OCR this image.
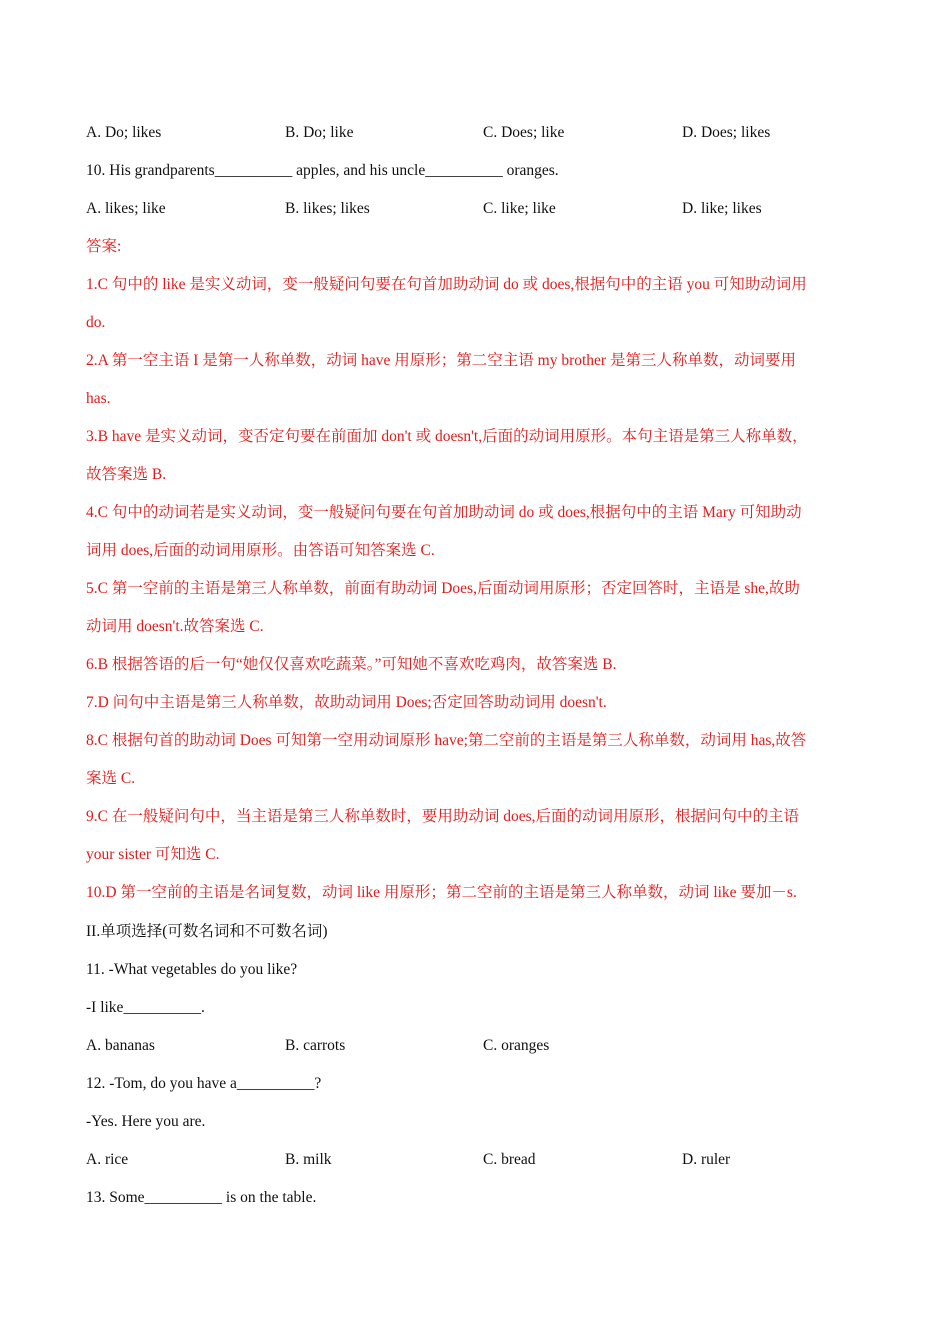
A. Do; likes	B. Do; like	C. Does; like	D. Does; likes
10. His grandparents__________ apples, and his uncle__________ oranges.
A. likes; like	B. likes; likes	C. like; like	D. like; likes
答案:
1.C 句中的 like 是实义动词，变一般疑问句要在句首加助动词 do 或 does,根据句中的主语 you 可知助动词用
do.
2.A 第一空主语 I 是第一人称单数，动词 have 用原形；第二空主语 my brother 是第三人称单数，动词要用
has.
3.B have 是实义动词，变否定句要在前面加 don't 或 doesn't,后面的动词用原形。本句主语是第三人称单数，
故答案选 B.
4.C 句中的动词若是实义动词，变一般疑问句要在句首加助动词 do 或 does,根据句中的主语 Mary 可知助动
词用 does,后面的动词用原形。由答语可知答案选 C.
5.C 第一空前的主语是第三人称单数，前面有助动词 Does,后面动词用原形；否定回答时，主语是 she,故助
动词用 doesn't.故答案选 C.
6.B 根据答语的后一句“她仅仅喜欢吃蔬菜。”可知她不喜欢吃鸡肉，故答案选 B.
7.D 问句中主语是第三人称单数，故助动词用 Does;否定回答助动词用 doesn't.
8.C 根据句首的助动词 Does 可知第一空用动词原形 have;第二空前的主语是第三人称单数，动词用 has,故答
案选 C.
9.C 在一般疑问句中，当主语是第三人称单数时，要用助动词 does,后面的动词用原形，根据问句中的主语
your sister 可知选 C.
10.D 第一空前的主语是名词复数，动词 like 用原形；第二空前的主语是第三人称单数，动词 like 要加－s.
II.单项选择(可数名词和不可数名词)
11. -What vegetables do you like?
-I like__________.
A. bananas	B. carrots	C. oranges
12. -Tom, do you have a__________?
-Yes. Here you are.
A. rice	B. milk	C. bread	D. ruler
13. Some__________ is on the table.
